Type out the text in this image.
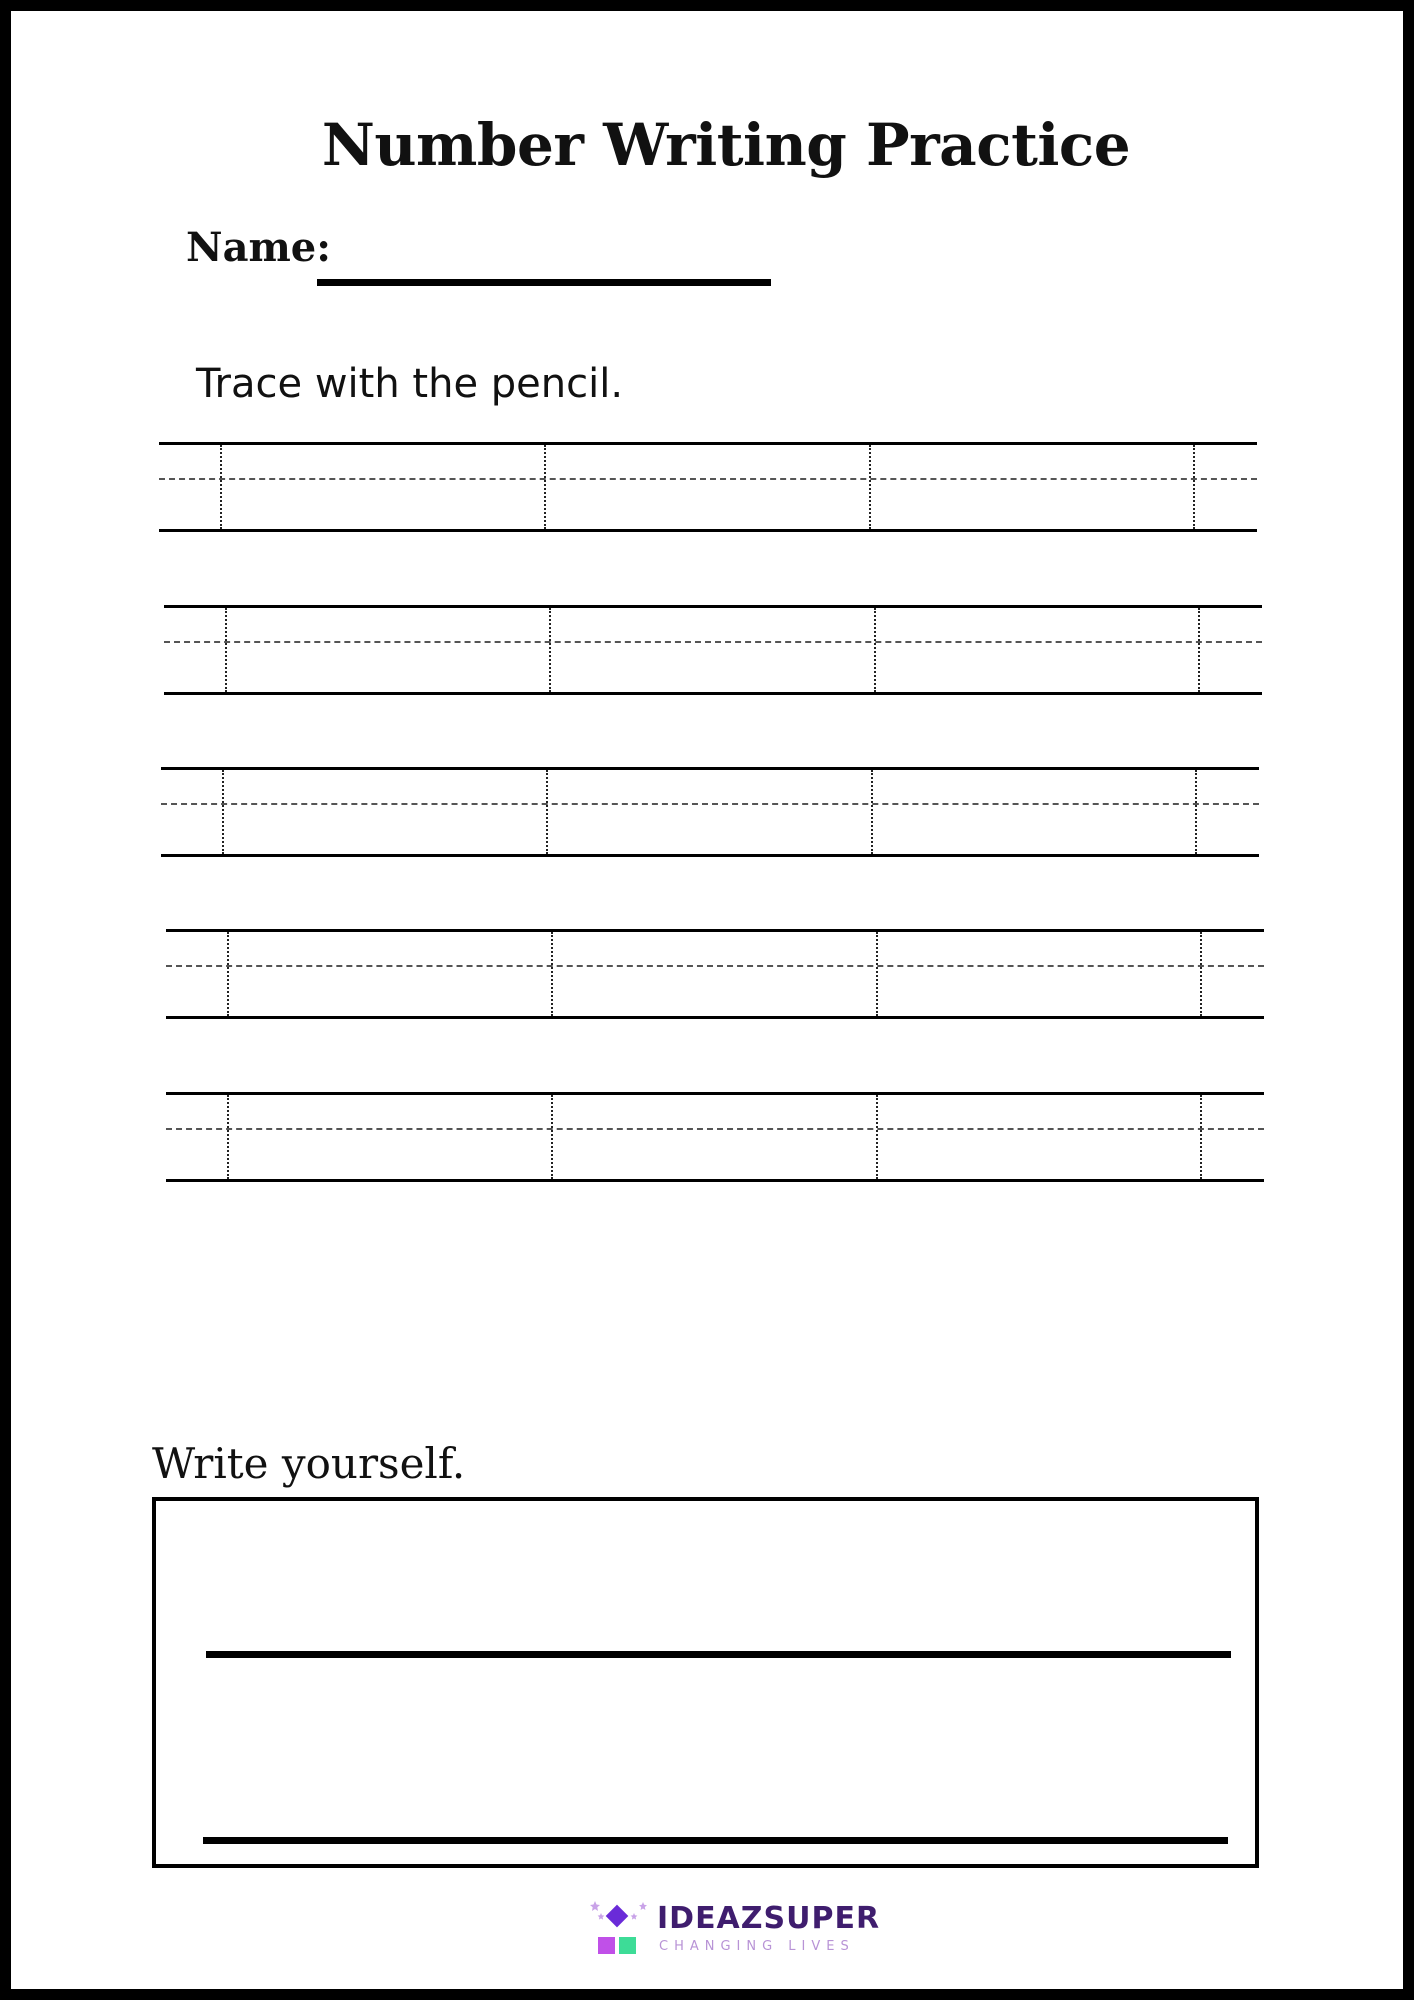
Number Writing Practice
Name:
Trace with the pencil.
Write yourself.
IDEAZSUPER
CHANGING LIVES
